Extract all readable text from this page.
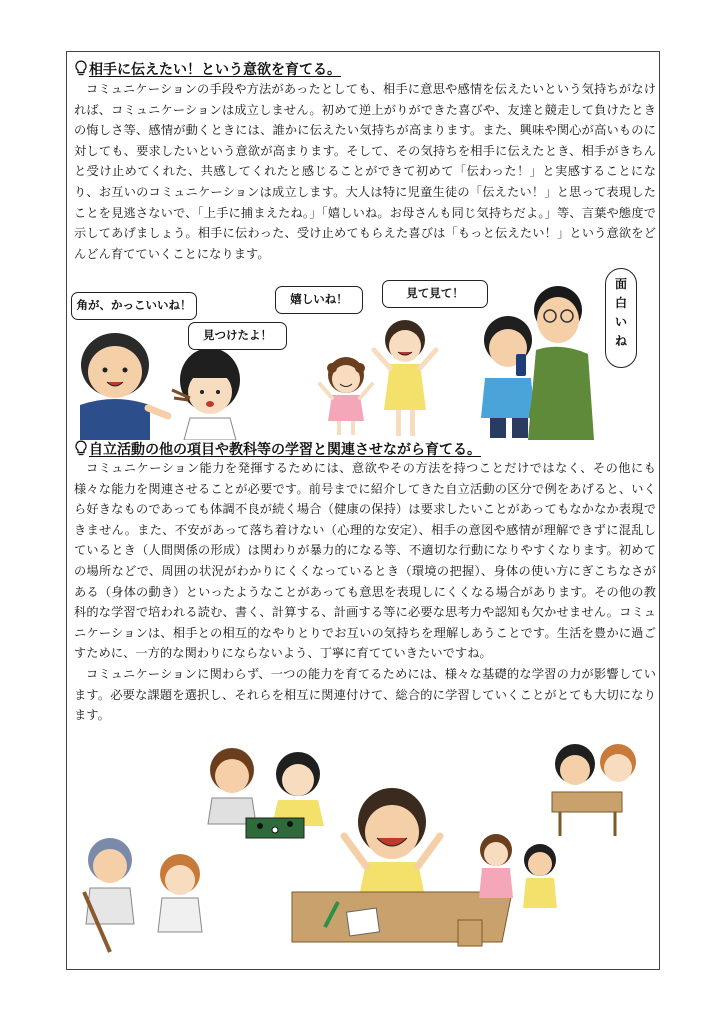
相手に伝えたい！という意欲を育てる。

コミュニケーションの手段や方法があったとしても、相手に意思や感情を伝えたいという気持ちがなければ、コミュニケーションは成立しません。初めて逆上がりができた喜びや、友達と競走して負けたときの悔しさ等、感情が動くときには、誰かに伝えたい気持ちが高まります。また、興味や関心が高いものに対しても、要求したいという意欲が高まります。そして、その気持ちを相手に伝えたとき、相手がきちんと受け止めてくれた、共感してくれたと感じることができて初めて「伝わった！」と実感することになり、お互いのコミュニケーションは成立します。大人は特に児童生徒の「伝えたい！」と思って表現したことを見逃さないで、「上手に捕まえたね。」「嬉しいね。お母さんも同じ気持ちだよ。」等、言葉や態度で示してあげましょう。相手に伝わった、受け止めてもらえた喜びは「もっと伝えたい！」という意欲をどんどん育てていくことになります。

角が、かっこいいね！
見つけたよ！
嬉しいね！	見て見て！
面
白
い
ね
自立活動の他の項目や教科等の学習と関連させながら育てる。

コミュニケーション能力を発揮するためには、意欲やその方法を持つことだけではなく、その他にも様々な能力を関連させることが必要です。前号までに紹介してきた自立活動の区分で例をあげると、いくら好きなものであっても体調不良が続く場合（健康の保持）は要求したいことがあってもなかなか表現できません。また、不安があって落ち着けない（心理的な安定）、相手の意図や感情が理解できずに混乱しているとき（人間関係の形成）は関わりが暴力的になる等、不適切な行動になりやすくなります。初めての場所などで、周囲の状況がわかりにくくなっているとき（環境の把握）、身体の使い方にぎこちなさがある（身体の動き）といったようなことがあっても意思を表現しにくくなる場合があります。その他の教科的な学習で培われる読む、書く、計算する、計画する等に必要な思考力や認知も欠かせません。コミュニケーションは、相手との相互的なやりとりでお互いの気持ちを理解しあうことです。生活を豊かに過ごすために、一方的な関わりにならないよう、丁寧に育てていきたいですね。

コミュニケーションに関わらず、一つの能力を育てるためには、様々な基礎的な学習の力が影響しています。必要な課題を選択し、それらを相互に関連付けて、総合的に学習していくことがとても大切になります。
